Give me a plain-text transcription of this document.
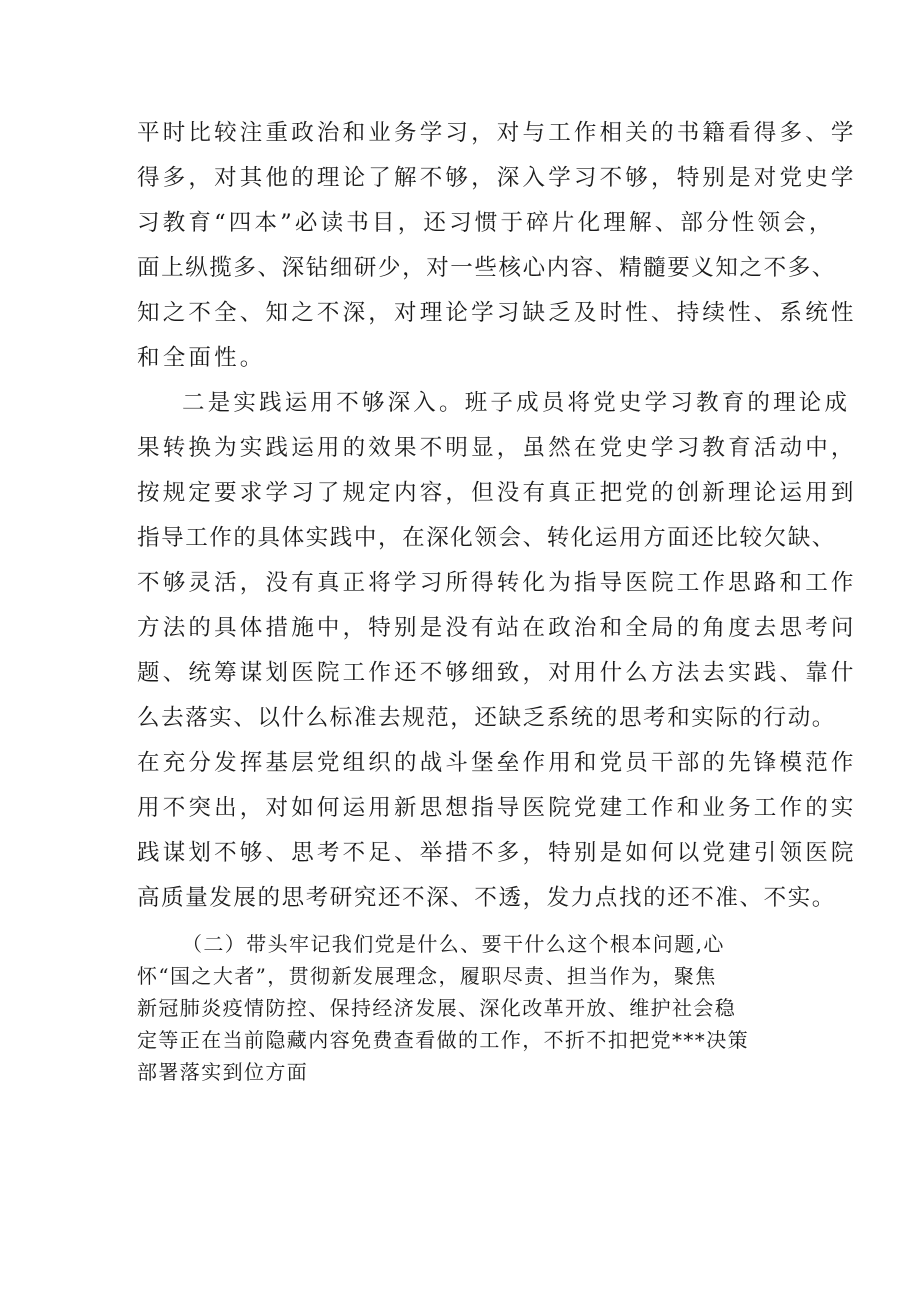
平时比较注重政治和业务学习，对与工作相关的书籍看得多、学
得多，对其他的理论了解不够，深入学习不够，特别是对党史学
习教育“四本”必读书目，还习惯于碎片化理解、部分性领会，
面上纵揽多、深钻细研少，对一些核心内容、精髓要义知之不多、
知之不全、知之不深，对理论学习缺乏及时性、持续性、系统性
和全面性。
二是实践运用不够深入。班子成员将党史学习教育的理论成
果转换为实践运用的效果不明显，虽然在党史学习教育活动中，
按规定要求学习了规定内容，但没有真正把党的创新理论运用到
指导工作的具体实践中，在深化领会、转化运用方面还比较欠缺、
不够灵活，没有真正将学习所得转化为指导医院工作思路和工作
方法的具体措施中，特别是没有站在政治和全局的角度去思考问
题、统筹谋划医院工作还不够细致，对用什么方法去实践、靠什
么去落实、以什么标准去规范，还缺乏系统的思考和实际的行动。
在充分发挥基层党组织的战斗堡垒作用和党员干部的先锋模范作
用不突出，对如何运用新思想指导医院党建工作和业务工作的实
践谋划不够、思考不足、举措不多，特别是如何以党建引领医院
高质量发展的思考研究还不深、不透，发力点找的还不准、不实。
（二）带头牢记我们党是什么、要干什么这个根本问题,心
怀“国之大者”，贯彻新发展理念，履职尽责、担当作为，聚焦
新冠肺炎疫情防控、保持经济发展、深化改革开放、维护社会稳
定等正在当前隐藏内容免费查看做的工作，不折不扣把党***决策
部署落实到位方面
